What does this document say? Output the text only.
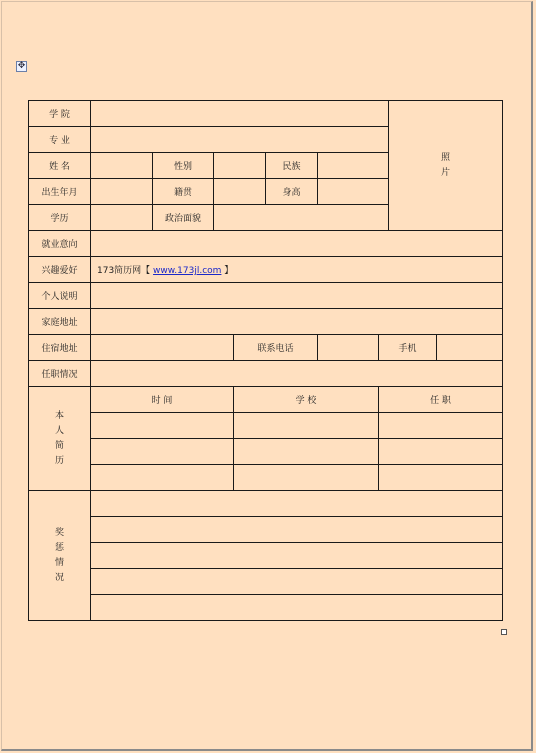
✥
学 院								照片	
专 业									
姓 名		性别			民族				
出生年月		籍贯			身高				
学历		政治面貌							
就业意向									
兴趣爱好	173简历网【 www.173jl.com 】								
个人说明									
家庭地址									
住宿地址				联系电话			手机		
任职情况									
本人简历	时 间			学 校			任 职		

奖惩情况									
